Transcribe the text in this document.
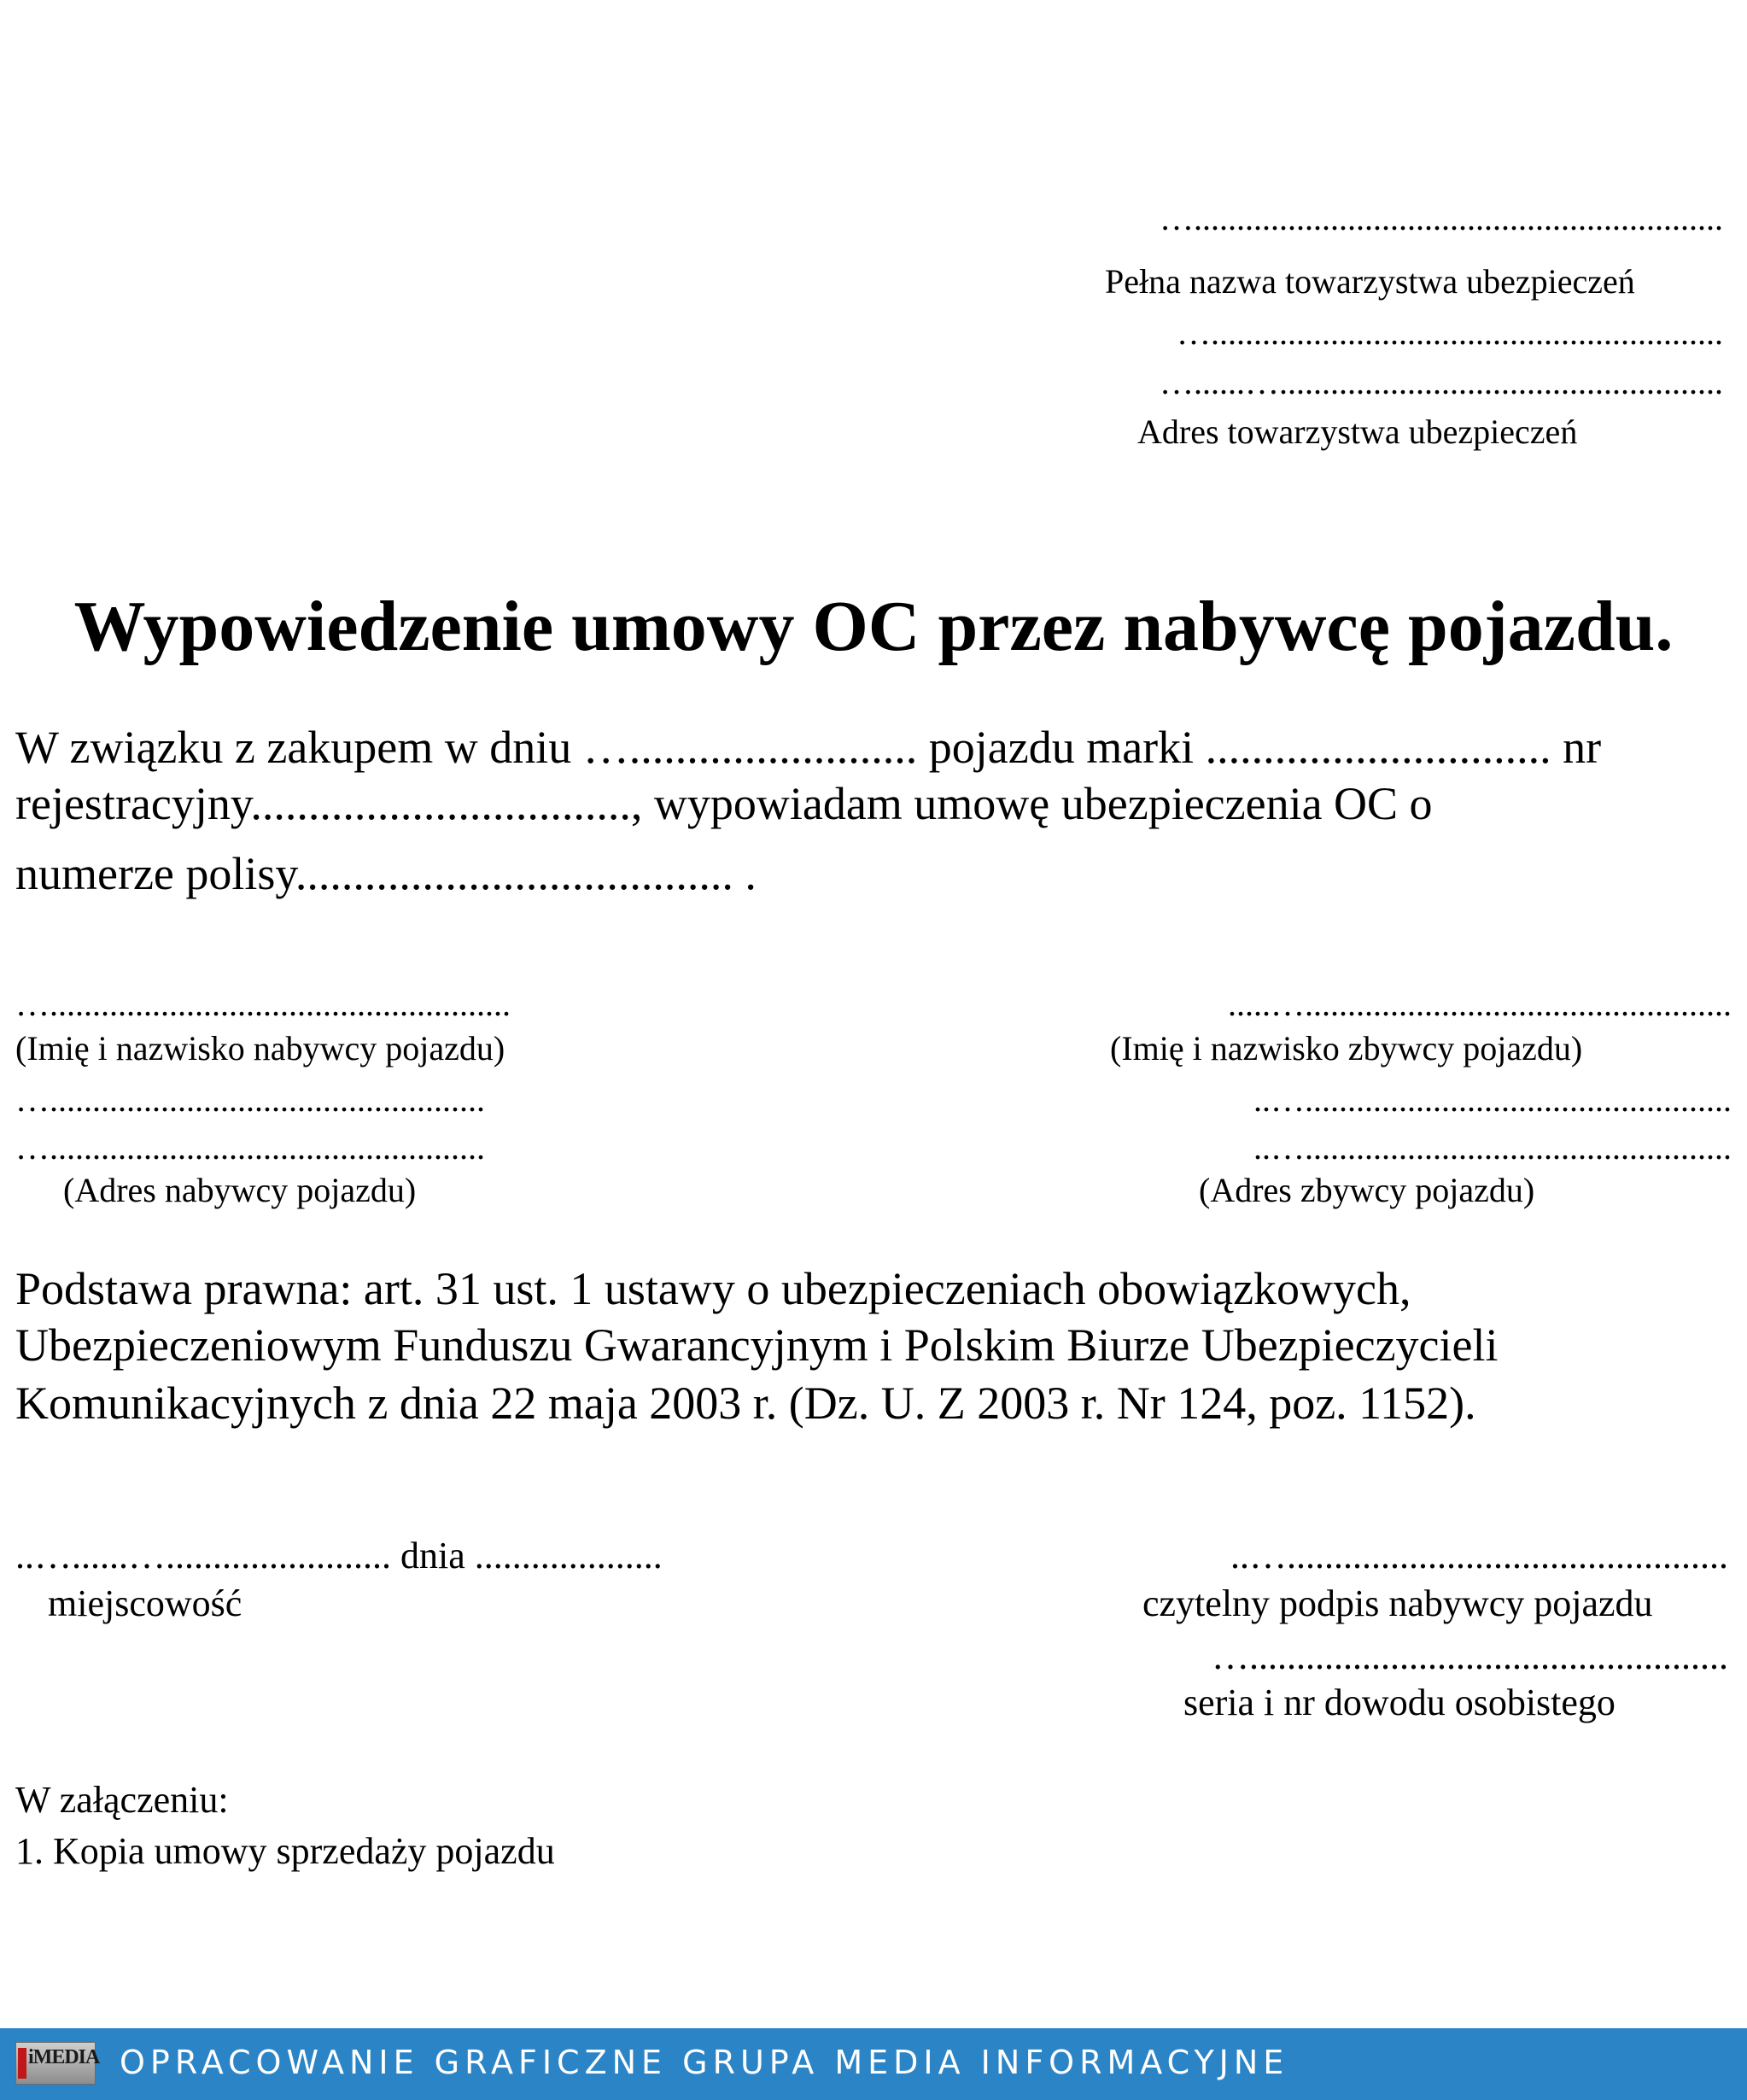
…..............................................................
Pełna nazwa towarzystwa ubezpieczeń
…............................................................
…......…....................................................
Adres towarzystwa ubezpieczeń
Wypowiedzenie umowy OC przez nabywcę pojazdu.
W związku z zakupem w dniu …......................... pojazdu marki .............................. nr
rejestracyjny................................., wypowiadam umowę ubezpieczenia OC o
numerze polisy...................................... .
…......................................................
(Imię i nazwisko nabywcy pojazdu)
…...................................................
…...................................................
(Adres nabywcy pojazdu)
.....…..................................................
(Imię i nazwisko zbywcy pojazdu)
..…..................................................
..…..................................................
(Adres zbywcy pojazdu)
Podstawa prawna: art. 31 ust. 1 ustawy o ubezpieczeniach obowiązkowych,
Ubezpieczeniowym Funduszu Gwarancyjnym i Polskim Biurze Ubezpieczycieli
Komunikacyjnych z dnia 22 maja 2003 r. (Dz. U. Z 2003 r. Nr 124, poz. 1152).
..…......…........................ dnia ....................
miejscowość
..…...............................................
czytelny podpis nabywcy pojazdu
…...................................................
seria i nr dowodu osobistego
W załączeniu:
1. Kopia umowy sprzedaży pojazdu
iMEDIA OPRACOWANIE GRAFICZNE GRUPA MEDIA INFORMACYJNE
